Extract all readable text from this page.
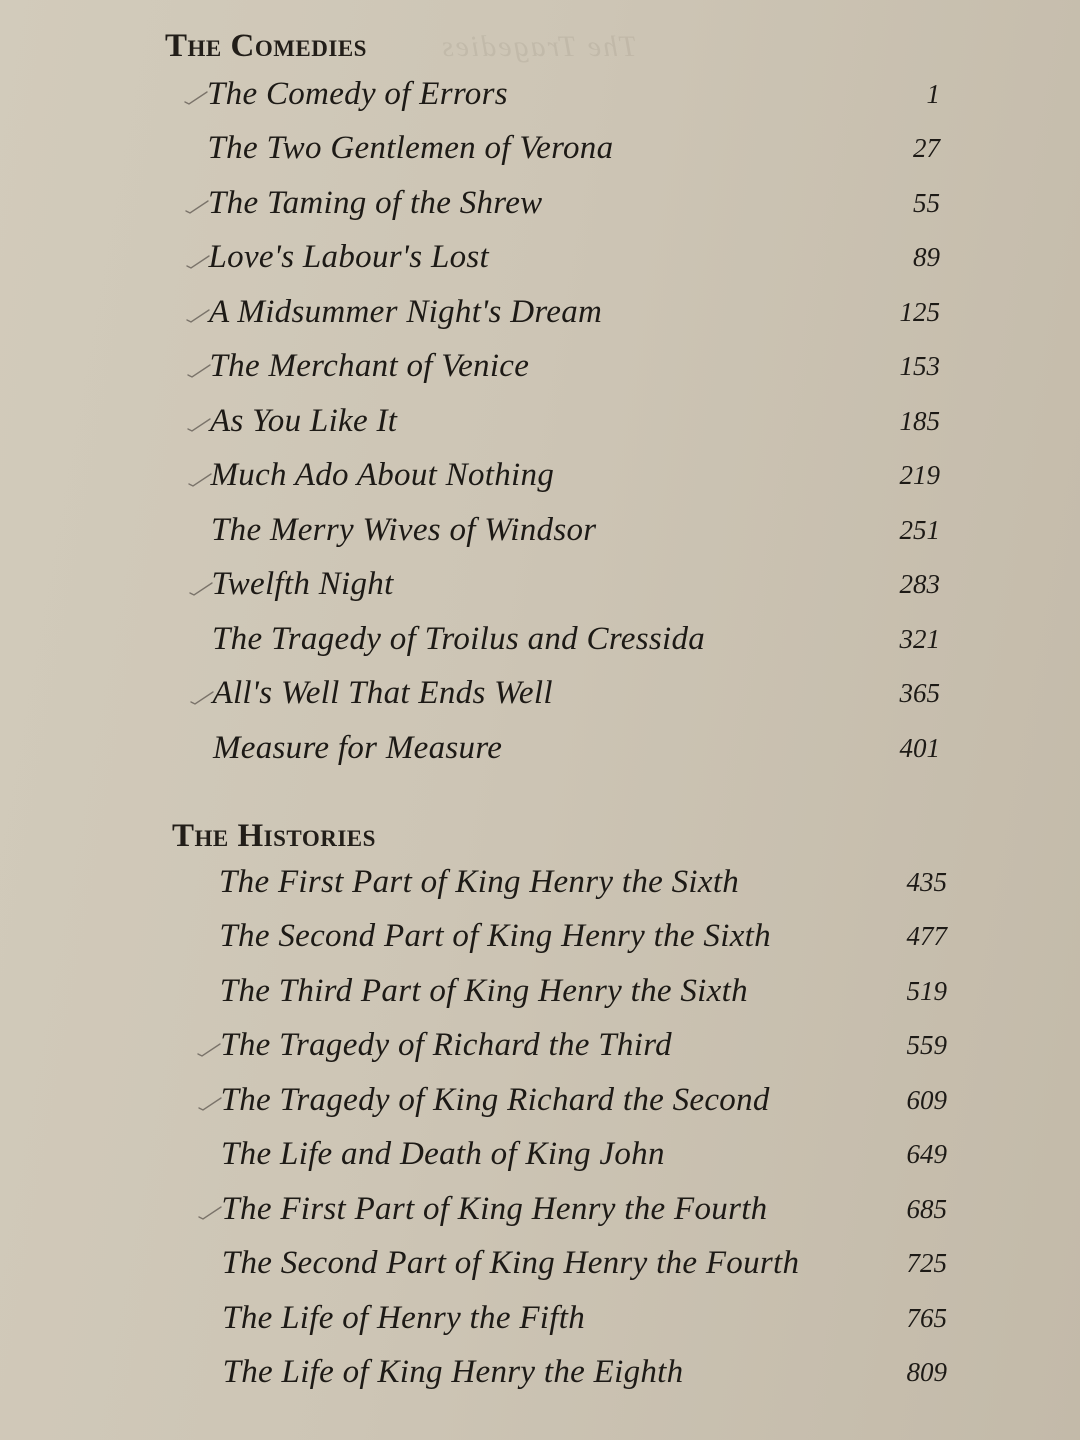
The Tragedies
The Comedies
The Comedy of Errors	1
The Two Gentlemen of Verona	27
The Taming of the Shrew	55
Love's Labour's Lost	89
A Midsummer Night's Dream	125
The Merchant of Venice	153
As You Like It	185
Much Ado About Nothing	219
The Merry Wives of Windsor	251
Twelfth Night	283
The Tragedy of Troilus and Cressida	321
All's Well That Ends Well	365
Measure for Measure	401
The Histories
The First Part of King Henry the Sixth	435
The Second Part of King Henry the Sixth	477
The Third Part of King Henry the Sixth	519
The Tragedy of Richard the Third	559
The Tragedy of King Richard the Second	609
The Life and Death of King John	649
The First Part of King Henry the Fourth	685
The Second Part of King Henry the Fourth	725
The Life of Henry the Fifth	765
The Life of King Henry the Eighth	809
